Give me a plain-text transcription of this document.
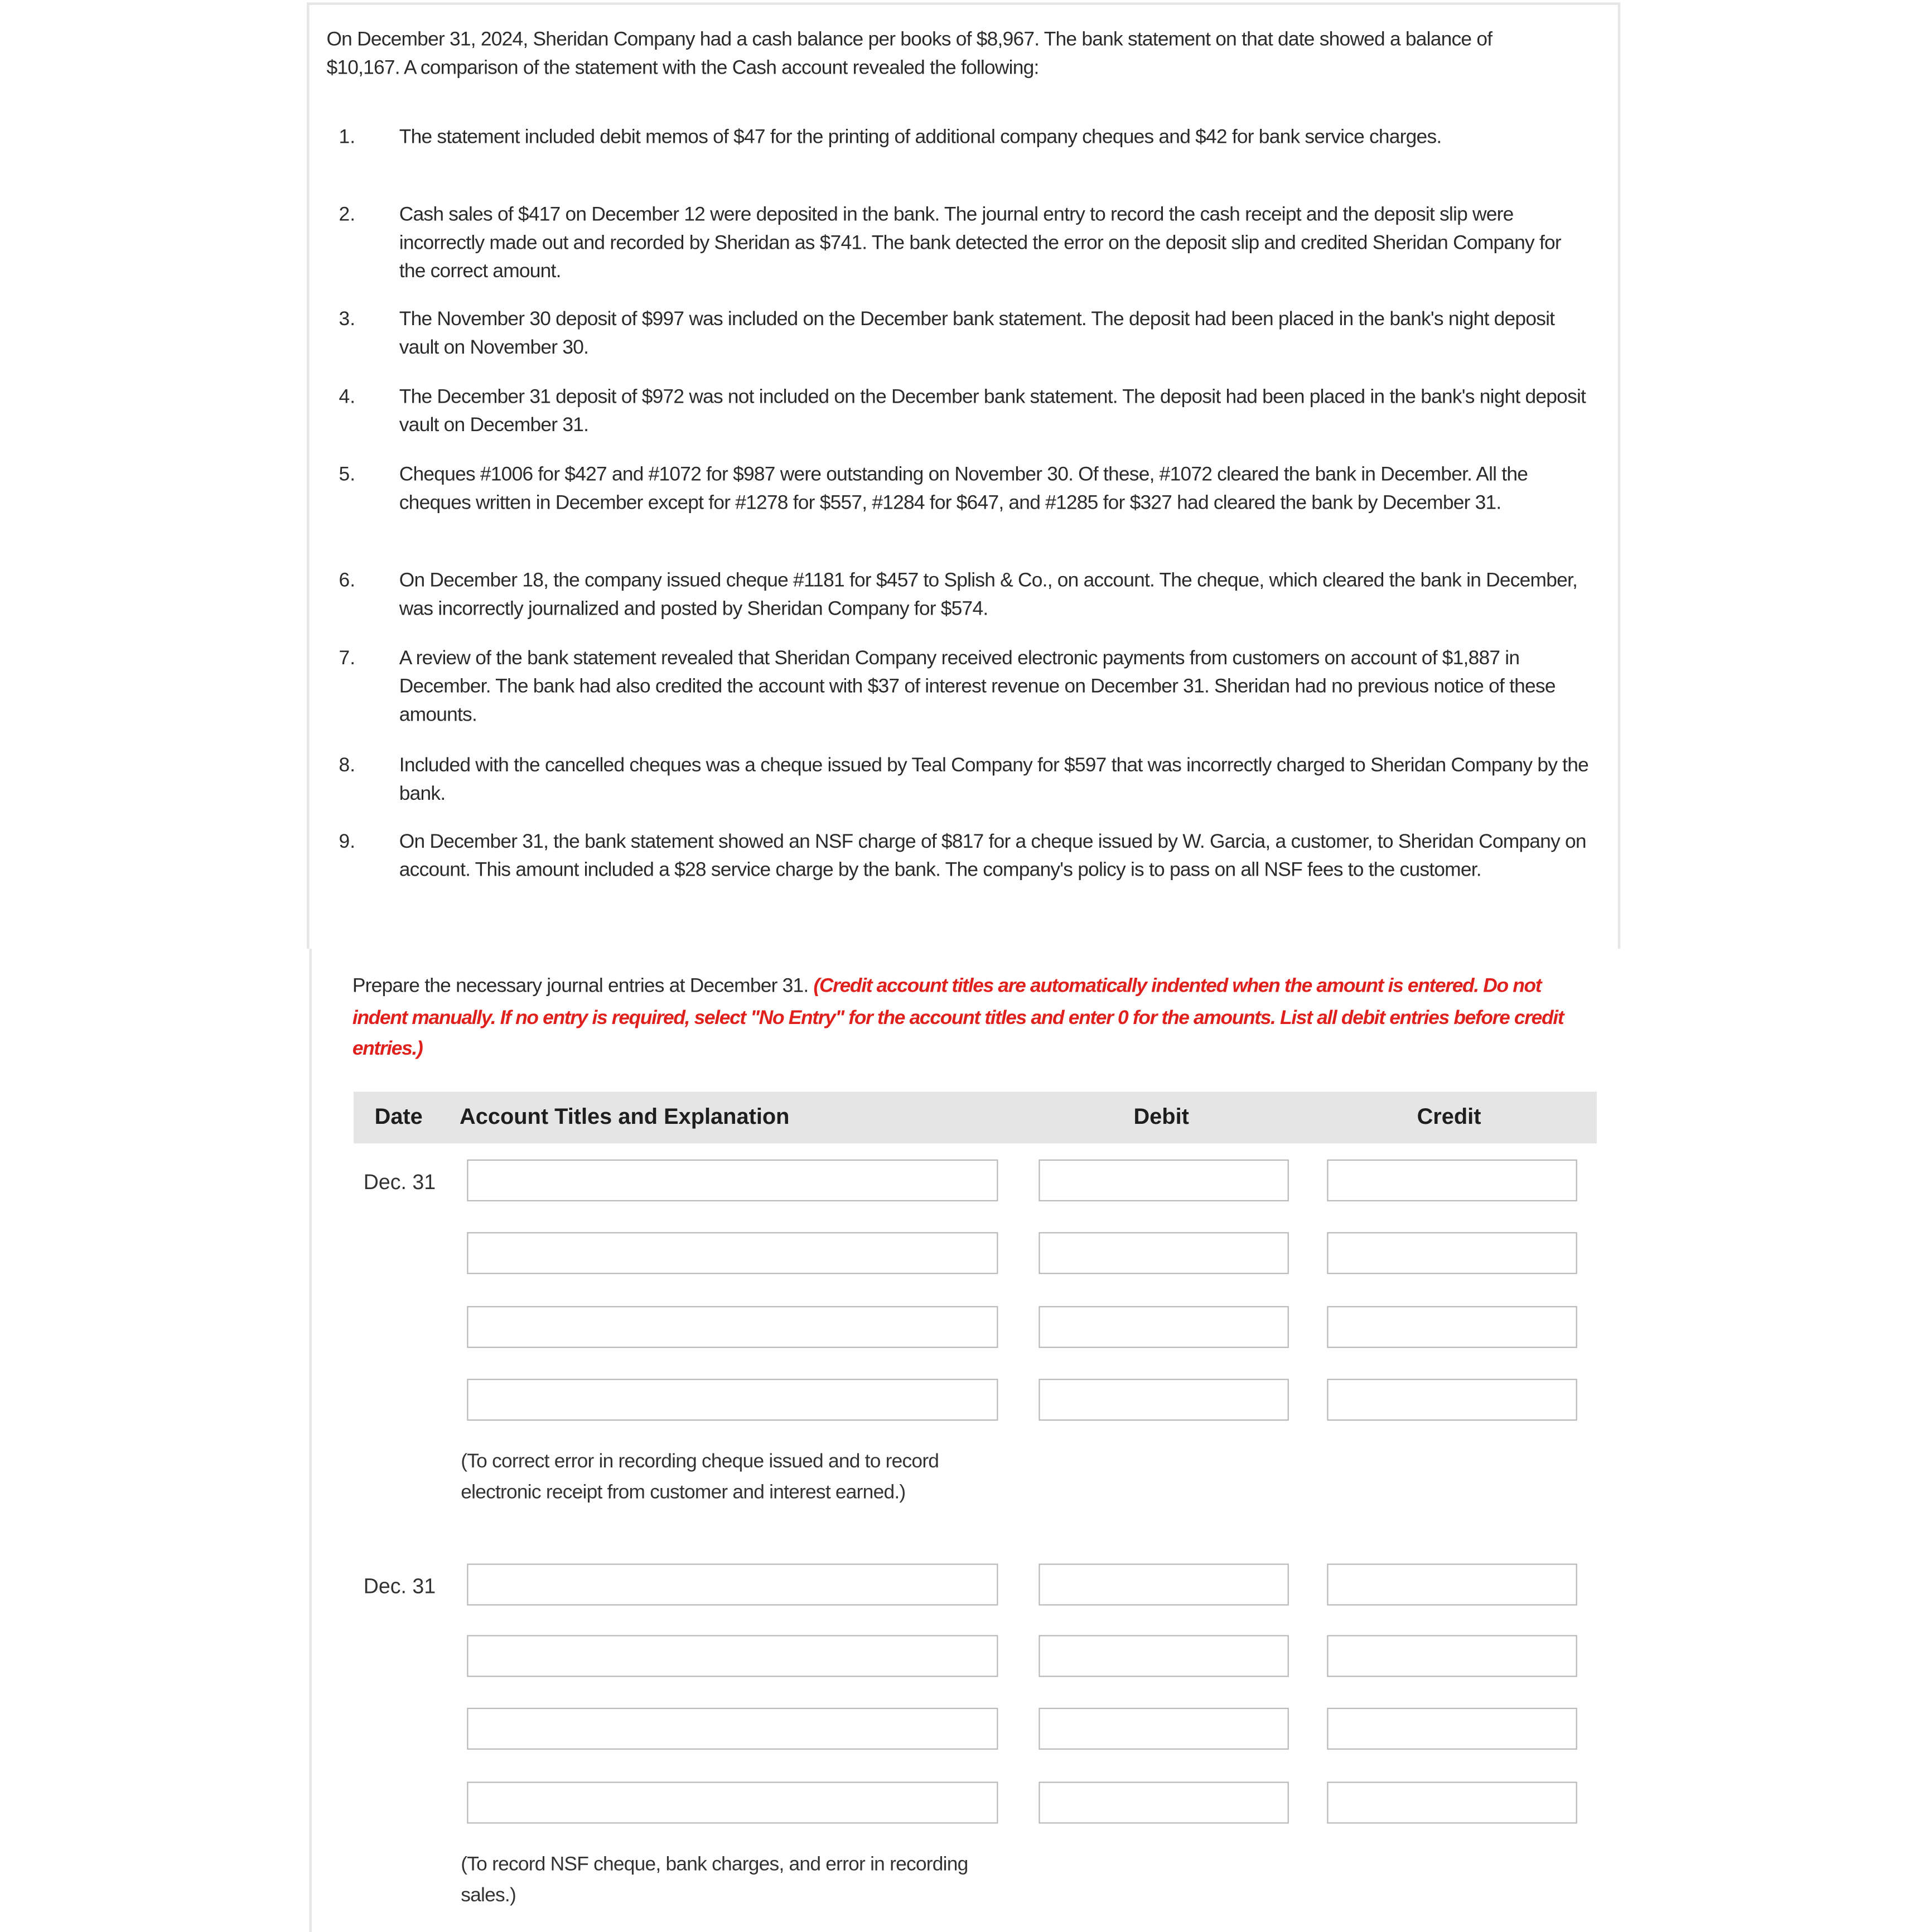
On December 31, 2024, Sheridan Company had a cash balance per books of $8,967. The bank statement on that date showed a balance of $10,167. A comparison of the statement with the Cash account revealed the following:
1.	The statement included debit memos of $47 for the printing of additional company cheques and $42 for bank service charges.
2.	Cash sales of $417 on December 12 were deposited in the bank. The journal entry to record the cash receipt and the deposit slip were incorrectly made out and recorded by Sheridan as $741. The bank detected the error on the deposit slip and credited Sheridan Company for the correct amount.
3.	The November 30 deposit of $997 was included on the December bank statement. The deposit had been placed in the bank's night deposit vault on November 30.
4.	The December 31 deposit of $972 was not included on the December bank statement. The deposit had been placed in the bank's night deposit vault on December 31.
5.	Cheques #1006 for $427 and #1072 for $987 were outstanding on November 30. Of these, #1072 cleared the bank in December. All the cheques written in December except for #1278 for $557, #1284 for $647, and #1285 for $327 had cleared the bank by December 31.
6.	On December 18, the company issued cheque #1181 for $457 to Splish & Co., on account. The cheque, which cleared the bank in December, was incorrectly journalized and posted by Sheridan Company for $574.
7.	A review of the bank statement revealed that Sheridan Company received electronic payments from customers on account of $1,887 in December. The bank had also credited the account with $37 of interest revenue on December 31. Sheridan had no previous notice of these amounts.
8.	Included with the cancelled cheques was a cheque issued by Teal Company for $597 that was incorrectly charged to Sheridan Company by the bank.
9.	On December 31, the bank statement showed an NSF charge of $817 for a cheque issued by W. Garcia, a customer, to Sheridan Company on account. This amount included a $28 service charge by the bank. The company's policy is to pass on all NSF fees to the customer.
Prepare the necessary journal entries at December 31. (Credit account titles are automatically indented when the amount is entered. Do not indent manually. If no entry is required, select "No Entry" for the account titles and enter 0 for the amounts. List all debit entries before credit entries.)
Date	Account Titles and Explanation	Debit	Credit
Dec. 31
(To correct error in recording cheque issued and to record electronic receipt from customer and interest earned.)
Dec. 31
(To record NSF cheque, bank charges, and error in recording sales.)
